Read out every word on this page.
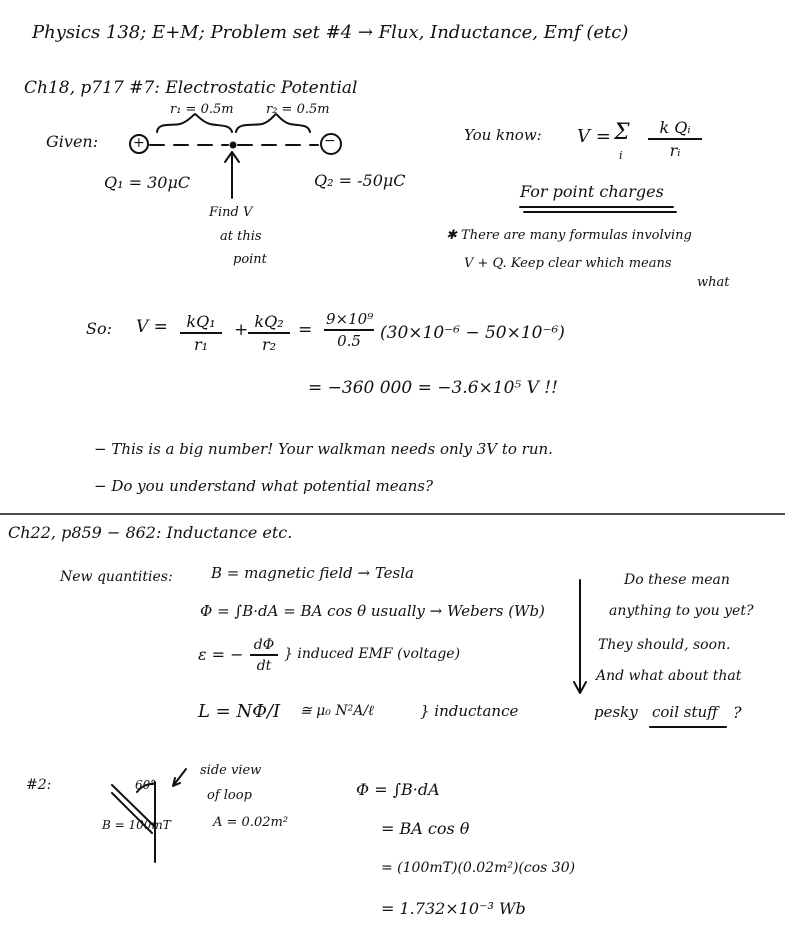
Physics 138; E+M; Problem set #4 → Flux, Inductance, Emf (etc)
Ch18, p717 #7: Electrostatic Potential
Given:
r₁ = 0.5m r₂ = 0.5m
+	−
Q₁ = 30μC	Q₂ = -50μC
Find V
at this
point
You know: V = Σ
i $\frac{\text{k Qᵢ}}{\text{rᵢ}}$
For point charges
✱ There are many formulas involving
V + Q. Keep clear which means
what
So: $V = \frac{\text{kQ₁}}{\text{r₁}} + \frac{\text{kQ₂}}{\text{r₂}} = \frac{\text{9×10⁹}}{0.5} (30\times 10^{-6} - 50\times 10^{-6})$
= −360 000 = −3.6×10⁵ V !!
− This is a big number! Your walkman needs only 3V to run.
− Do you understand what potential means?
Ch22, p859 − 862: Inductance etc.
New quantities:	B = magnetic field → Tesla
Φ = ∫B·dA = BA cos θ usually → Webers (Wb)
ε = − $\frac{d\Phi}{dt}$ } induced EMF (voltage)
L = NΦ/I ≅ μ₀ N²A/ℓ	} inductance
Do these mean
anything to you yet?
They should, soon.
And what about that
pesky coil stuff ?
#2:	60°
side view
of loop
B = 100mT	A = 0.02m²
Φ = ∫B·dA
= BA cos θ
= (100mT)(0.02m²)(cos 30)
= 1.732×10⁻³ Wb
